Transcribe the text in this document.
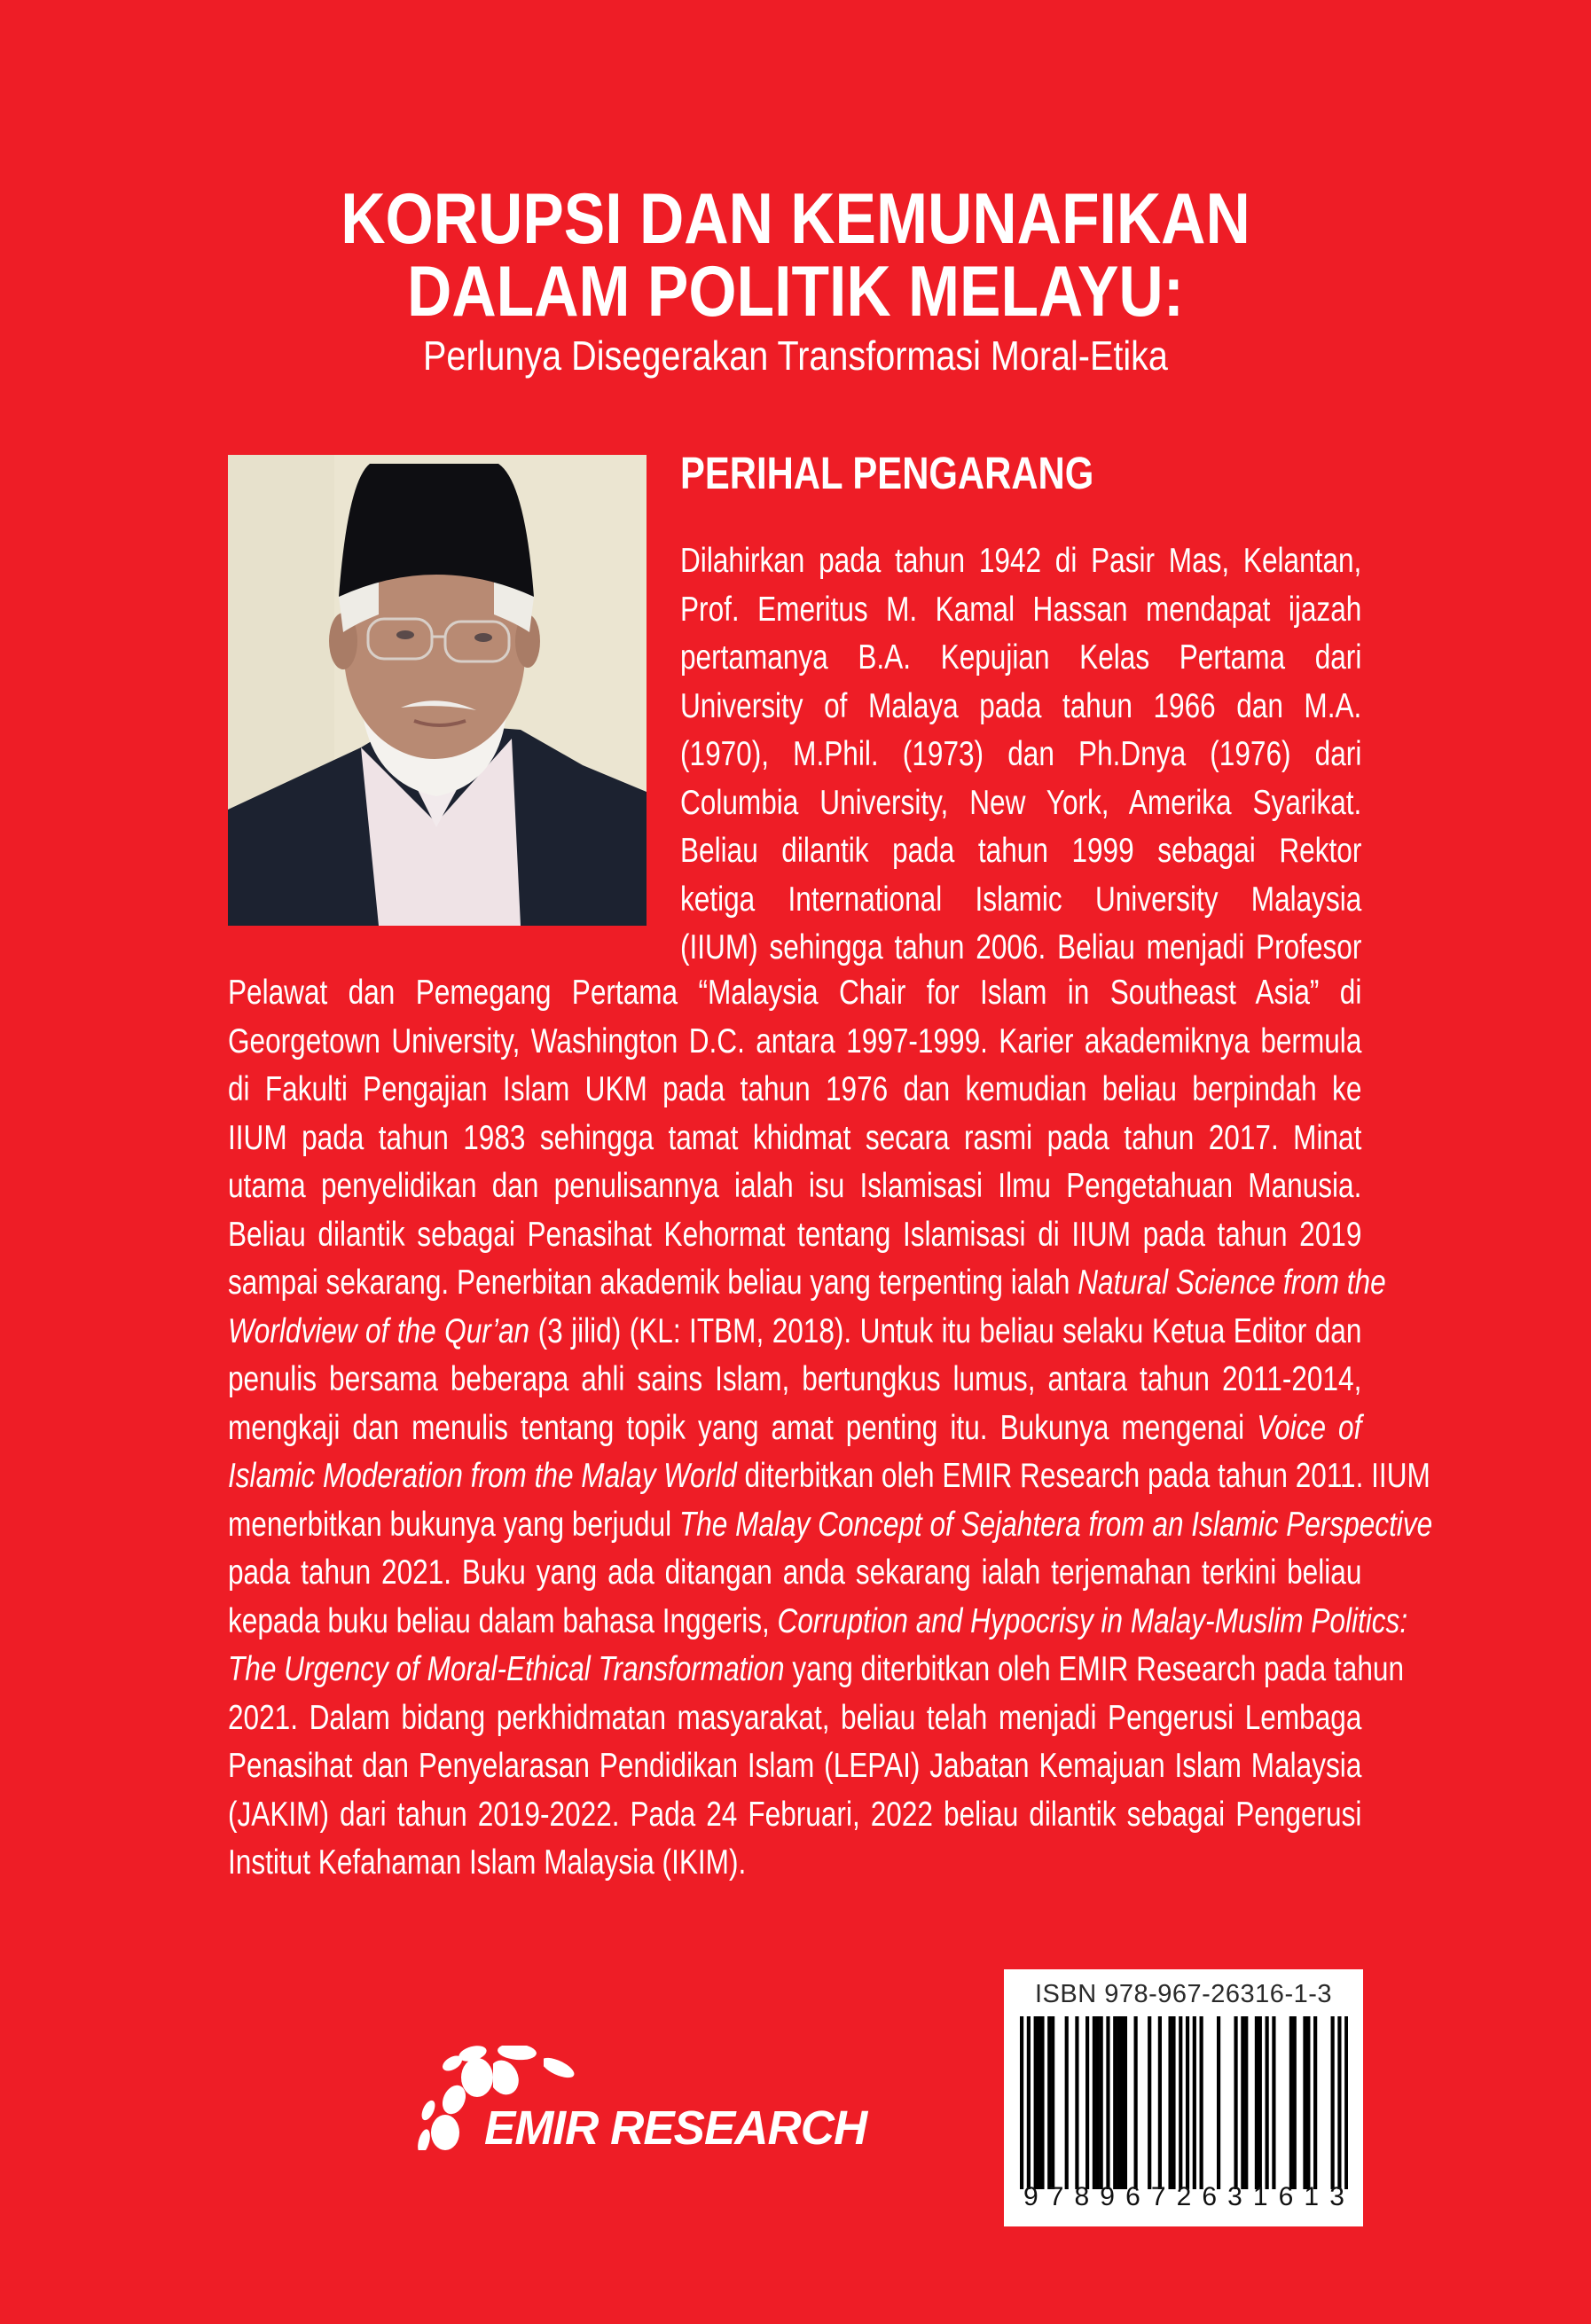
KORUPSI DAN KEMUNAFIKAN
DALAM POLITIK MELAYU:
Perlunya Disegerakan Transformasi Moral-Etika
PERIHAL PENGARANG
Dilahirkan pada tahun 1942 di Pasir Mas, Kelantan,
Prof. Emeritus M. Kamal Hassan mendapat ijazah
pertamanya B.A. Kepujian Kelas Pertama dari
University of Malaya pada tahun 1966 dan M.A.
(1970), M.Phil. (1973) dan Ph.Dnya (1976) dari
Columbia University, New York, Amerika Syarikat.
Beliau dilantik pada tahun 1999 sebagai Rektor
ketiga International Islamic University Malaysia
(IIUM) sehingga tahun 2006. Beliau menjadi Profesor
Pelawat dan Pemegang Pertama “Malaysia Chair for Islam in Southeast Asia” di
Georgetown University, Washington D.C. antara 1997-1999. Karier akademiknya bermula
di Fakulti Pengajian Islam UKM pada tahun 1976 dan kemudian beliau berpindah ke
IIUM pada tahun 1983 sehingga tamat khidmat secara rasmi pada tahun 2017. Minat
utama penyelidikan dan penulisannya ialah isu Islamisasi Ilmu Pengetahuan Manusia.
Beliau dilantik sebagai Penasihat Kehormat tentang Islamisasi di IIUM pada tahun 2019
sampai sekarang. Penerbitan akademik beliau yang terpenting ialah Natural Science from the
Worldview of the Qur’an (3 jilid) (KL: ITBM, 2018). Untuk itu beliau selaku Ketua Editor dan
penulis bersama beberapa ahli sains Islam, bertungkus lumus, antara tahun 2011-2014,
mengkaji dan menulis tentang topik yang amat penting itu. Bukunya mengenai Voice of
Islamic Moderation from the Malay World diterbitkan oleh EMIR Research pada tahun 2011. IIUM
menerbitkan bukunya yang berjudul The Malay Concept of Sejahtera from an Islamic Perspective
pada tahun 2021. Buku yang ada ditangan anda sekarang ialah terjemahan terkini beliau
kepada buku beliau dalam bahasa Inggeris, Corruption and Hypocrisy in Malay-Muslim Politics:
The Urgency of Moral-Ethical Transformation yang diterbitkan oleh EMIR Research pada tahun
2021. Dalam bidang perkhidmatan masyarakat, beliau telah menjadi Pengerusi Lembaga
Penasihat dan Penyelarasan Pendidikan Islam (LEPAI) Jabatan Kemajuan Islam Malaysia
(JAKIM) dari tahun 2019-2022. Pada 24 Februari, 2022 beliau dilantik sebagai Pengerusi
Institut Kefahaman Islam Malaysia (IKIM).
ISBN 978-967-26316-1-3
9 7 8 9 6 7 2 6 3 1 6 1 3
EMIR RESEARCH
